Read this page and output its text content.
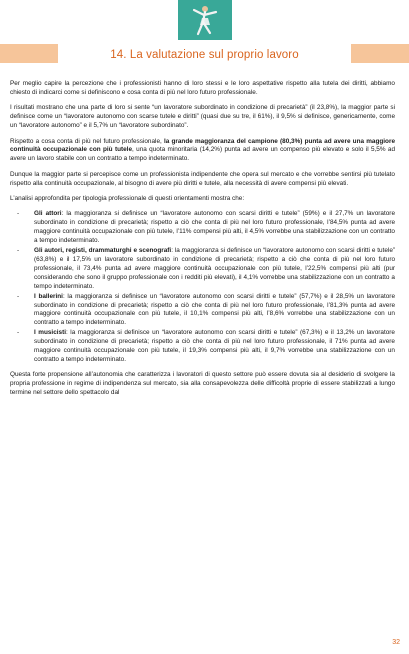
14. La valutazione sul proprio lavoro

Per meglio capire la percezione che i professionisti hanno di loro stessi e le loro aspettative rispetto alla tutela dei diritti, abbiamo chiesto di indicarci come si definiscono e cosa conta di più nel loro futuro professionale.

I risultati mostrano che una parte di loro si sente “un lavoratore subordinato in condizione di precarietà” (il 23,8%), la maggior parte si definisce come un “lavoratore autonomo con scarse tutele e diritti” (quasi due su tre, il 61%), il 9,5% si definisce, genericamente, come un “lavoratore autonomo” e il 5,7% un “lavoratore subordinato”.

Rispetto a cosa conta di più nel futuro professionale, la grande maggioranza del campione (80,3%) punta ad avere una maggiore continuità occupazionale con più tutele, una quota minoritaria (14,2%) punta ad avere un compenso più elevato e solo il 5,5% ad avere un lavoro stabile con un contratto a tempo indeterminato.

Dunque la maggior parte si percepisce come un professionista indipendente che opera sul mercato e che vorrebbe sentirsi più tutelato rispetto alla continuità occupazionale, al bisogno di avere più diritti e tutele, alla necessità di avere compensi più elevati.

L’analisi approfondita per tipologia professionale di questi orientamenti mostra che:

- Gli attori: la maggioranza si definisce un “lavoratore autonomo con scarsi diritti e tutele” (59%) e il 27,7% un lavoratore subordinato in condizione di precarietà; rispetto a ciò che conta di più nel loro futuro professionale, l’84,5% punta ad avere maggiore continuità occupazionale con più tutele, l’11% compensi più alti, il 4,5% vorrebbe una stabilizzazione con un contratto a tempo indeterminato.
- Gli autori, registi, drammaturghi e scenografi: la maggioranza si definisce un “lavoratore autonomo con scarsi diritti e tutele” (63,8%) e il 17,5% un lavoratore subordinato in condizione di precarietà; rispetto a ciò che conta di più nel loro futuro professionale, il 73,4% punta ad avere maggiore continuità occupazionale con più tutele, l’22,5% compensi più alti (pur considerando che sono il gruppo professionale con i redditi più elevati), il 4,1% vorrebbe una stabilizzazione con un contratto a tempo indeterminato.
- I ballerini: la maggioranza si definisce un “lavoratore autonomo con scarsi diritti e tutele” (57,7%) e il 28,5% un lavoratore subordinato in condizione di precarietà; rispetto a ciò che conta di più nel loro futuro professionale, l’81,3% punta ad avere maggiore continuità occupazionale con più tutele, il 10,1% compensi più alti, l’8,6% vorrebbe una stabilizzazione con un contratto a tempo indeterminato.
- I musicisti: la maggioranza si definisce un “lavoratore autonomo con scarsi diritti e tutele” (67,3%) e il 13,2% un lavoratore subordinato in condizione di precarietà; rispetto a ciò che conta di più nel loro futuro professionale, il 71% punta ad avere maggiore continuità occupazionale con più tutele, il 19,3% compensi più alti, il 9,7% vorrebbe una stabilizzazione con un contratto a tempo indeterminato.

Questa forte propensione all’autonomia che caratterizza i lavoratori di questo settore può essere dovuta sia al desiderio di svolgere la propria professione in regime di indipendenza sul mercato, sia alla consapevolezza delle difficoltà proprie di essere stabilizzati a lungo termine nel settore dello spettacolo dal

32
